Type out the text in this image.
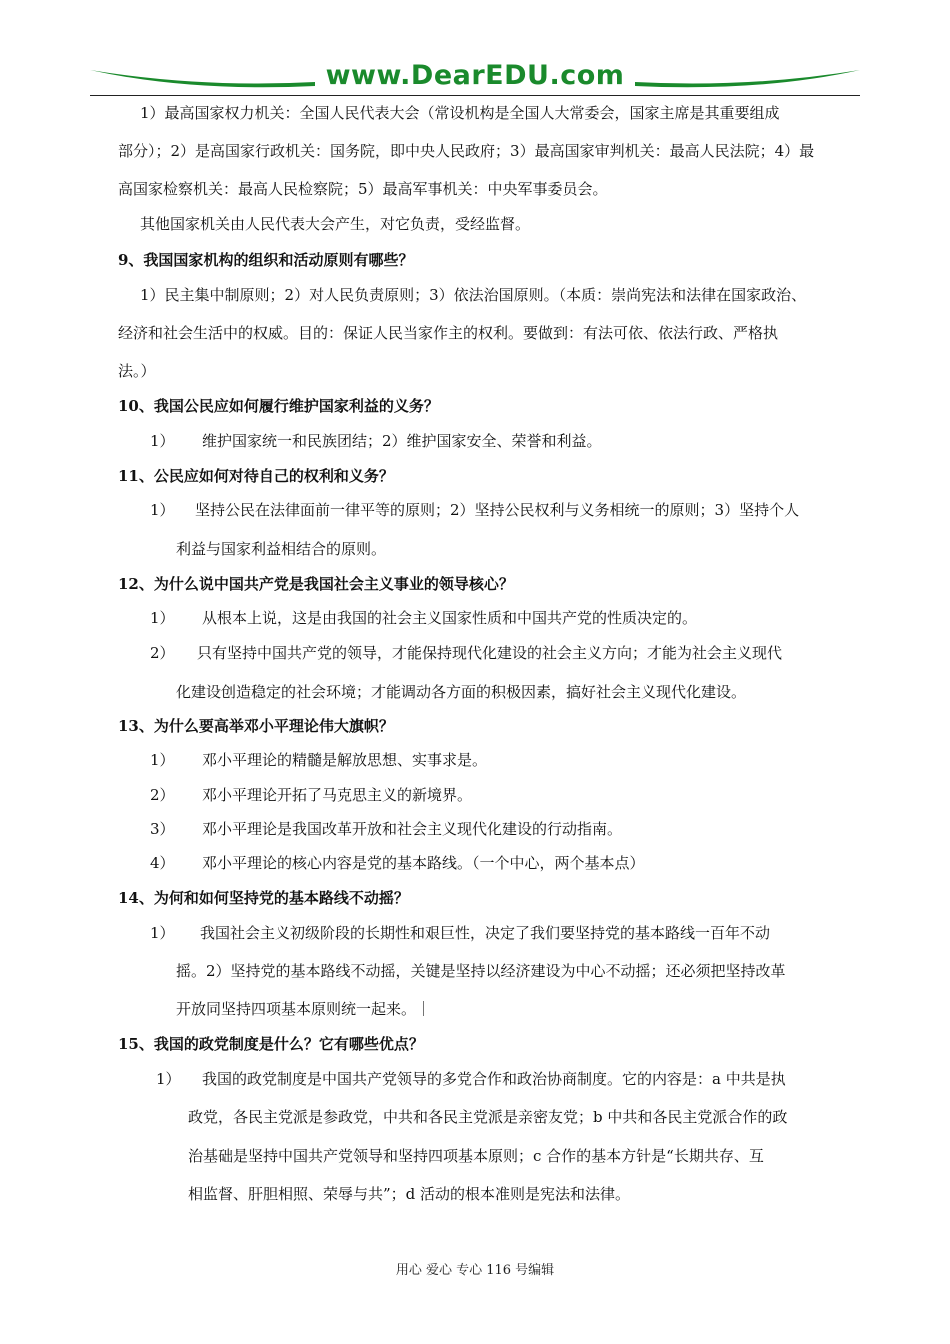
www.DearEDU.com
1）最高国家权力机关：全国人民代表大会（常设机构是全国人大常委会，国家主席是其重要组成
部分）；2）是高国家行政机关：国务院，即中央人民政府；3）最高国家审判机关：最高人民法院；4）最
高国家检察机关：最高人民检察院；5）最高军事机关：中央军事委员会。
其他国家机关由人民代表大会产生，对它负责，受经监督。
9、我国国家机构的组织和活动原则有哪些？
1）民主集中制原则；2）对人民负责原则；3）依法治国原则。（本质：崇尚宪法和法律在国家政治、
经济和社会生活中的权威。目的：保证人民当家作主的权利。要做到：有法可依、依法行政、严格执
法。）
10、我国公民应如何履行维护国家利益的义务？
1） 维护国家统一和民族团结；2）维护国家安全、荣誉和利益。
11、公民应如何对待自己的权利和义务？
1） 坚持公民在法律面前一律平等的原则；2）坚持公民权利与义务相统一的原则；3）坚持个人
利益与国家利益相结合的原则。
12、为什么说中国共产党是我国社会主义事业的领导核心？
1） 从根本上说，这是由我国的社会主义国家性质和中国共产党的性质决定的。
2） 只有坚持中国共产党的领导，才能保持现代化建设的社会主义方向；才能为社会主义现代
化建设创造稳定的社会环境；才能调动各方面的积极因素，搞好社会主义现代化建设。
13、为什么要高举邓小平理论伟大旗帜？
1） 邓小平理论的精髓是解放思想、实事求是。
2） 邓小平理论开拓了马克思主义的新境界。
3） 邓小平理论是我国改革开放和社会主义现代化建设的行动指南。
4） 邓小平理论的核心内容是党的基本路线。（一个中心，两个基本点）
14、为何和如何坚持党的基本路线不动摇？
1） 我国社会主义初级阶段的长期性和艰巨性，决定了我们要坚持党的基本路线一百年不动
摇。2）坚持党的基本路线不动摇，关键是坚持以经济建设为中心不动摇；还必须把坚持改革
开放同坚持四项基本原则统一起来。｜
15、我国的政党制度是什么？它有哪些优点？
1） 我国的政党制度是中国共产党领导的多党合作和政治协商制度。它的内容是：a 中共是执
政党，各民主党派是参政党，中共和各民主党派是亲密友党；b 中共和各民主党派合作的政
治基础是坚持中国共产党领导和坚持四项基本原则；c 合作的基本方针是“长期共存、互
相监督、肝胆相照、荣辱与共”；d 活动的根本准则是宪法和法律。
用心 爱心 专心 116 号编辑
